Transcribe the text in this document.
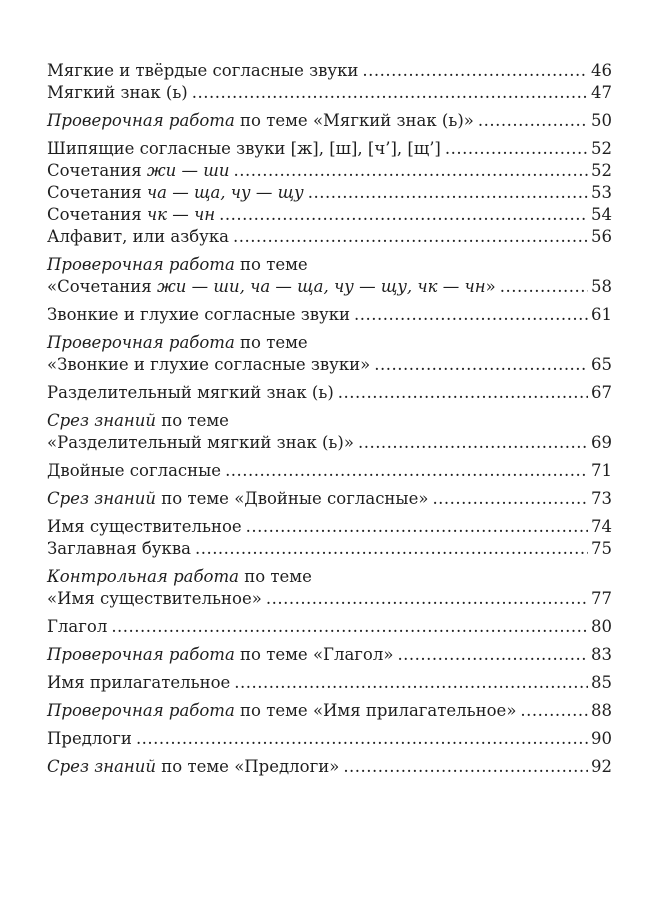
Мягкие и твёрдые согласные звуки .....	46
Мягкий знак (ь) .....	47
Проверочная работа по теме «Мягкий знак (ь)» .....	50
Шипящие согласные звуки [ж], [ш], [ч’], [щ’] .....	52
Сочетания жи — ши .....	52
Сочетания ча — ща, чу — щу .....	53
Сочетания чк — чн .....	54
Алфавит, или азбука .....	56
Проверочная работа по теме
«Сочетания жи — ши, ча — ща, чу — щу, чк — чн» .....	58
Звонкие и глухие согласные звуки .....	61
Проверочная работа по теме
«Звонкие и глухие согласные звуки» .....	65
Разделительный мягкий знак (ь) .....	67
Срез знаний по теме
«Разделительный мягкий знак (ь)» .....	69
Двойные согласные .....	71
Срез знаний по теме «Двойные согласные» .....	73
Имя существительное .....	74
Заглавная буква .....	75
Контрольная работа по теме
«Имя существительное» .....	77
Глагол .....	80
Проверочная работа по теме «Глагол» .....	83
Имя прилагательное .....	85
Проверочная работа по теме «Имя прилагательное» .....	88
Предлоги .....	90
Срез знаний по теме «Предлоги» .....	92
